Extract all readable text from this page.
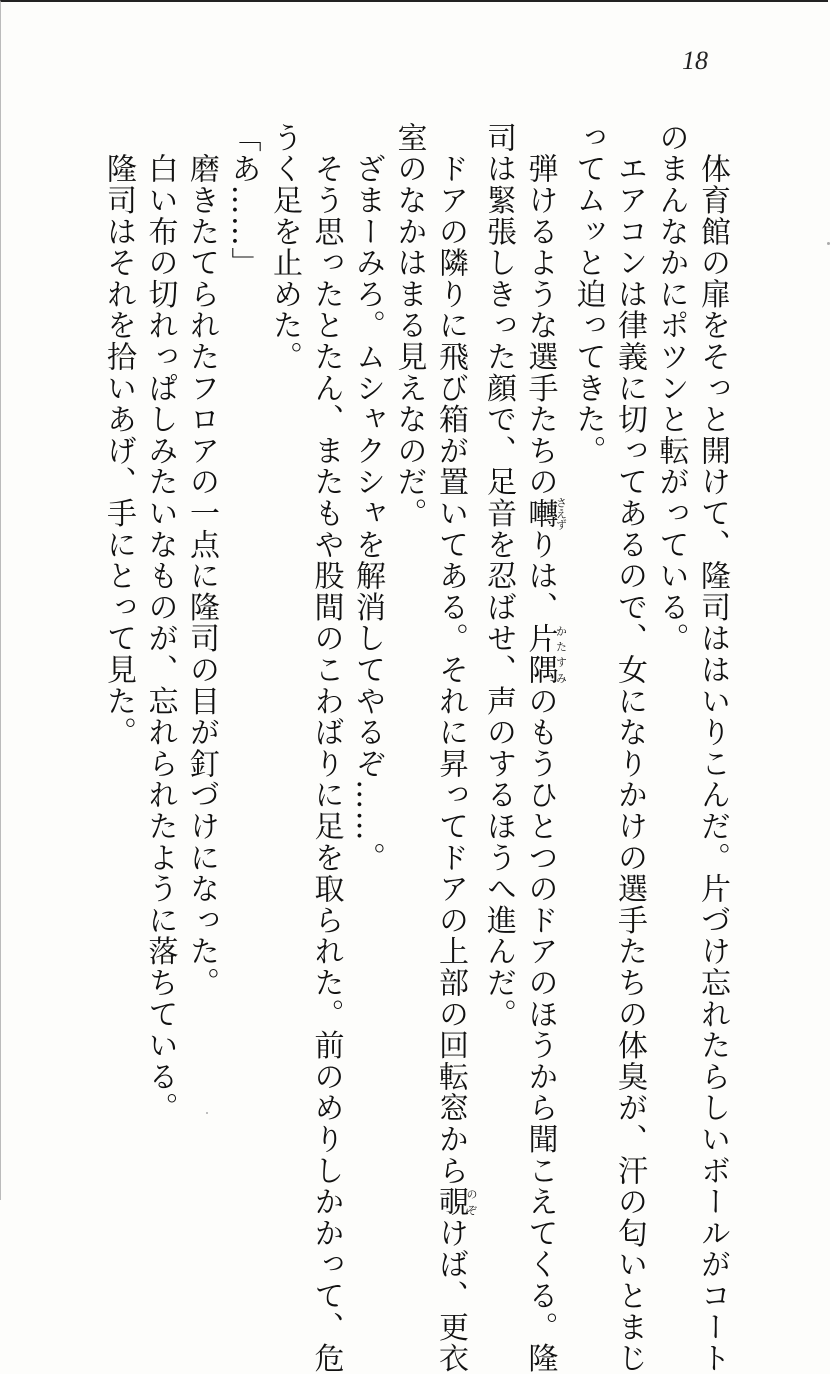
18
　体育館の扉をそっと開けて、隆司ははいりこんだ。片づけ忘れたらしいボールがコート
のまんなかにポツンと転がっている。
　エアコンは律義に切ってあるので、女になりかけの選手たちの体臭が、汗の匂いとまじ
ってムッと迫ってきた。
　弾けるような選手たちの囀さえずりは、片隅かたすみのもうひとつのドアのほうから聞こえてくる。隆
司は緊張しきった顔で、足音を忍ばせ、声のするほうへ進んだ。
　ドアの隣りに飛び箱が置いてある。それに昇ってドアの上部の回転窓から覗のぞけば、更衣
室のなかはまる見えなのだ。
　ざまーみろ。ムシャクシャを解消してやるぞ……。
　そう思ったとたん、またもや股間のこわばりに足を取られた。前のめりしかかって、危
うく足を止めた。
「あ……」
　磨きたてられたフロアの一点に隆司の目が釘づけになった。
　白い布の切れっぱしみたいなものが、忘れられたように落ちている。
　隆司はそれを拾いあげ、手にとって見た。
